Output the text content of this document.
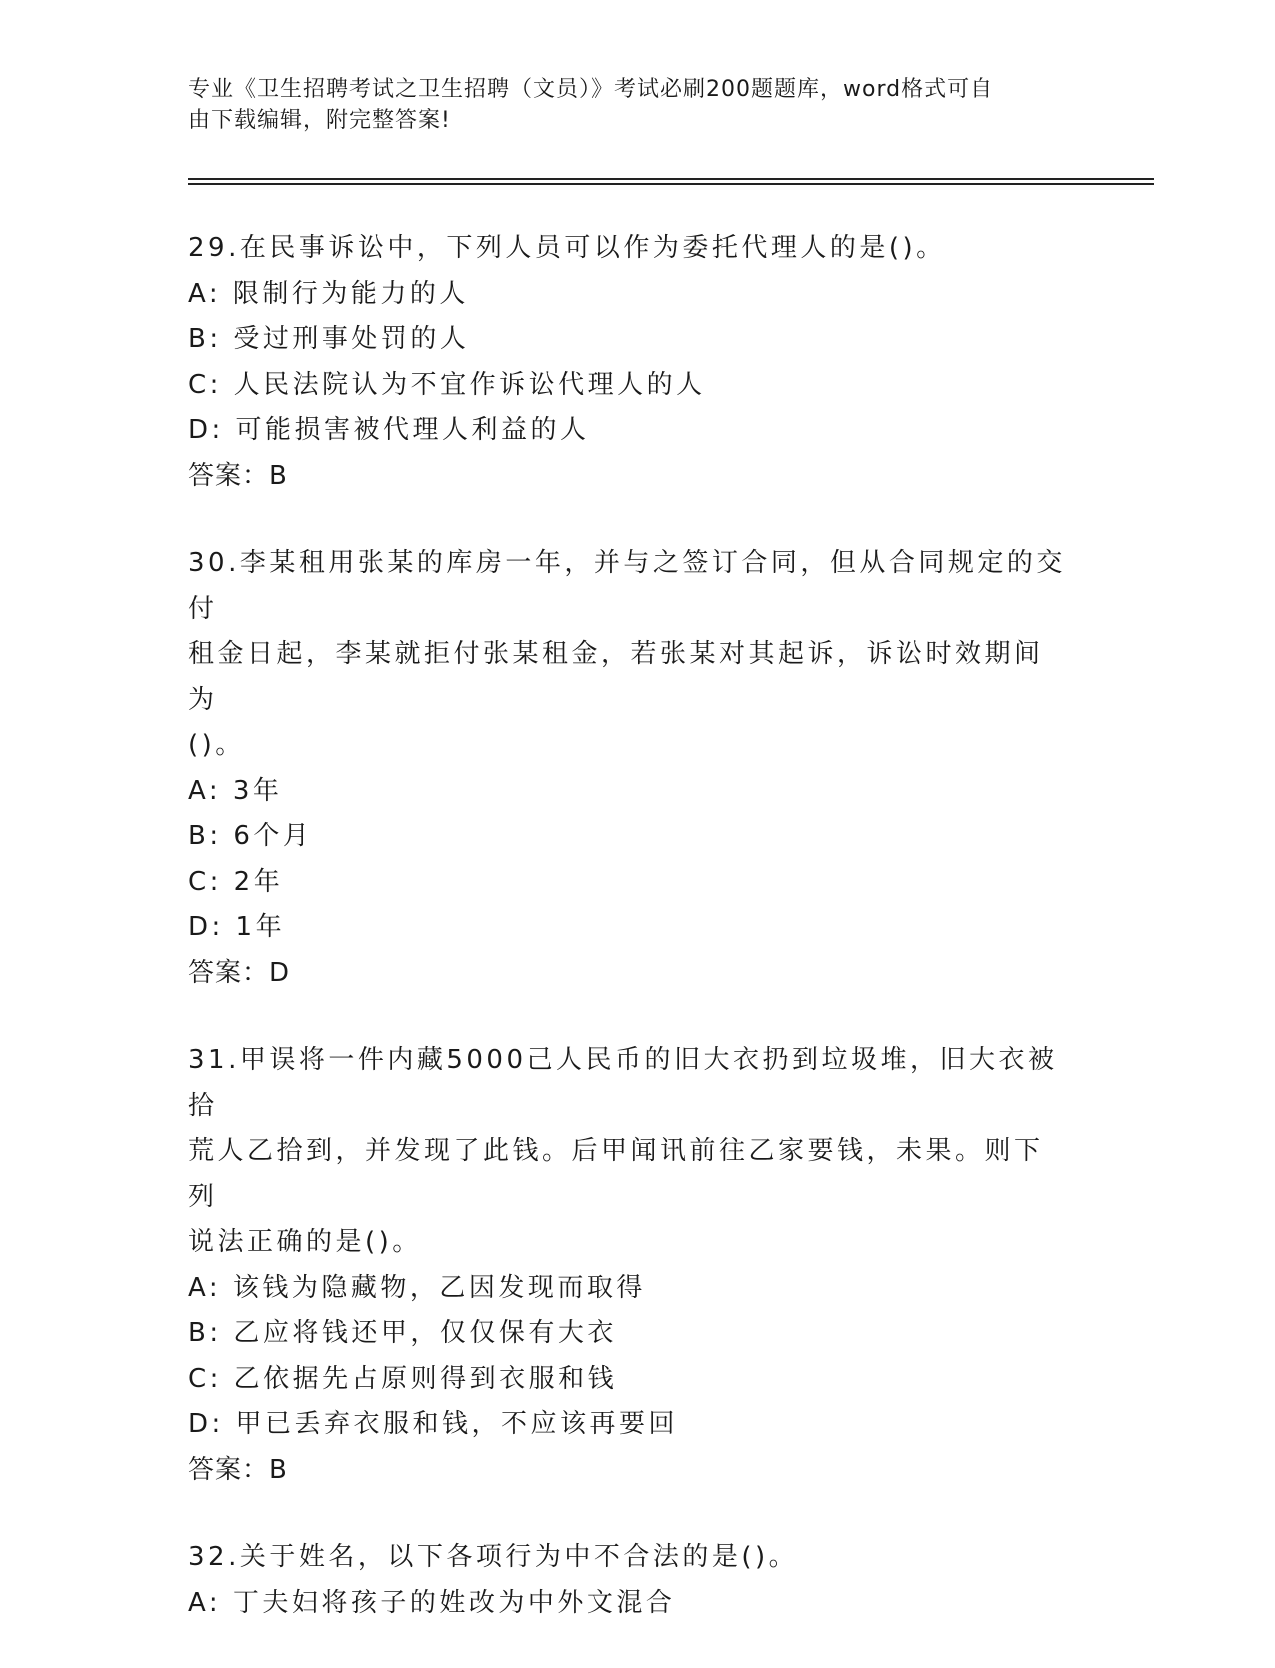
专业《卫生招聘考试之卫生招聘（文员）》考试必刷200题题库，word格式可自
由下载编辑，附完整答案!
29.在民事诉讼中，下列人员可以作为委托代理人的是()。
A: 限制行为能力的人
B: 受过刑事处罚的人
C: 人民法院认为不宜作诉讼代理人的人
D: 可能损害被代理人利益的人
答案：B
30.李某租用张某的库房一年，并与之签订合同，但从合同规定的交付
租金日起，李某就拒付张某租金，若张某对其起诉，诉讼时效期间为
()。
A: 3年
B: 6个月
C: 2年
D: 1年
答案：D
31.甲误将一件内藏5000己人民币的旧大衣扔到垃圾堆，旧大衣被拾
荒人乙拾到，并发现了此钱。后甲闻讯前往乙家要钱，未果。则下列
说法正确的是()。
A: 该钱为隐藏物，乙因发现而取得
B: 乙应将钱还甲，仅仅保有大衣
C: 乙依据先占原则得到衣服和钱
D: 甲已丢弃衣服和钱，不应该再要回
答案：B
32.关于姓名，以下各项行为中不合法的是()。
A: 丁夫妇将孩子的姓改为中外文混合
